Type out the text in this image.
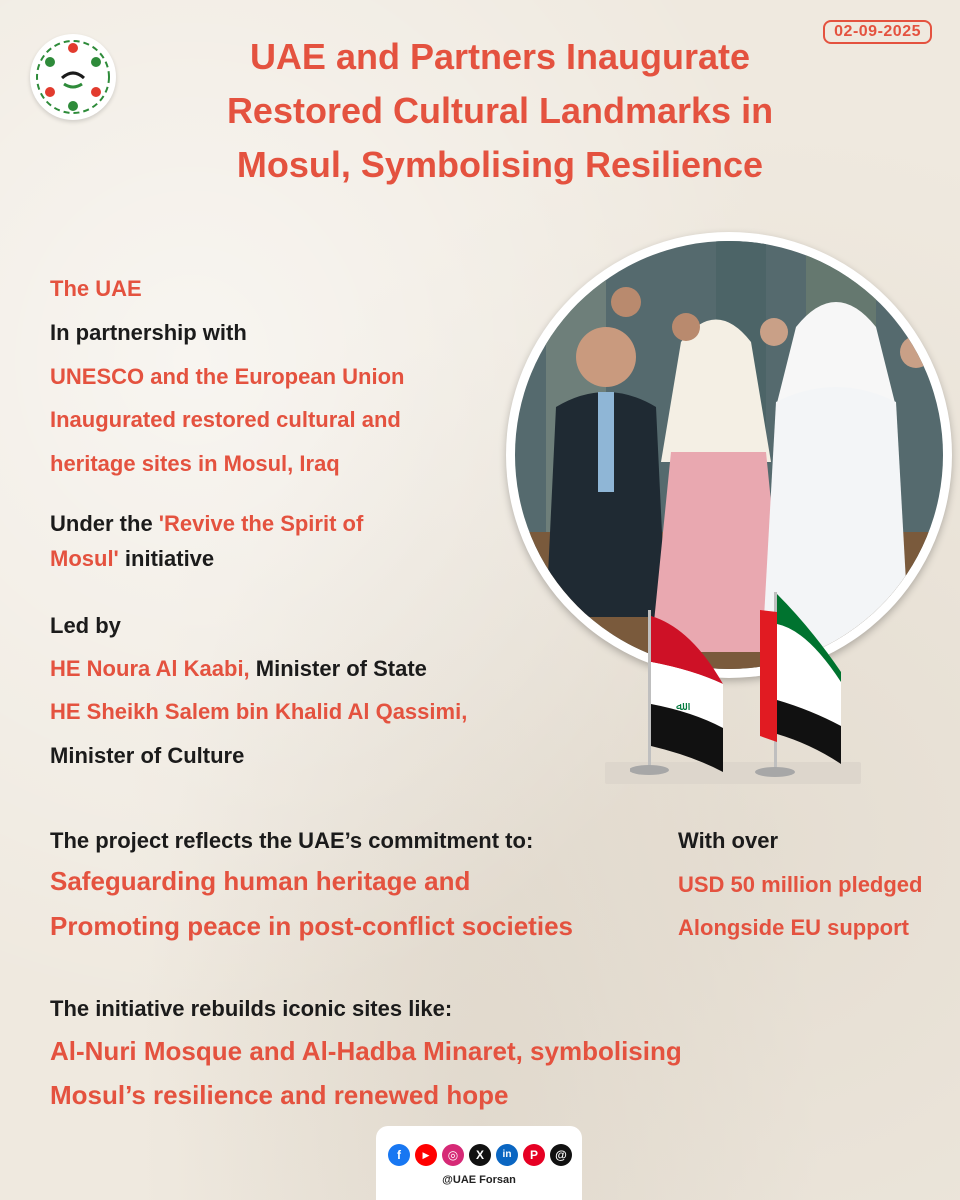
02-09-2025
UAE and Partners Inaugurate
Restored Cultural Landmarks in
Mosul, Symbolising Resilience
The UAE
In partnership with
UNESCO and the European Union
Inaugurated restored cultural and
heritage sites in Mosul, Iraq
Under the 'Revive the Spirit of
Mosul' initiative
Led by
HE Noura Al Kaabi, Minister of State
HE Sheikh Salem bin Khalid Al Qassimi,
Minister of Culture
ﷲ
The project reflects the UAE’s commitment to:
Safeguarding human heritage and
Promoting peace in post-conflict societies
With over
USD 50 million pledged
Alongside EU support
The initiative rebuilds iconic sites like:
Al-Nuri Mosque and Al-Hadba Minaret, symbolising
Mosul’s resilience and renewed hope
f	▶	◎	X	in	P	@
@UAE Forsan
